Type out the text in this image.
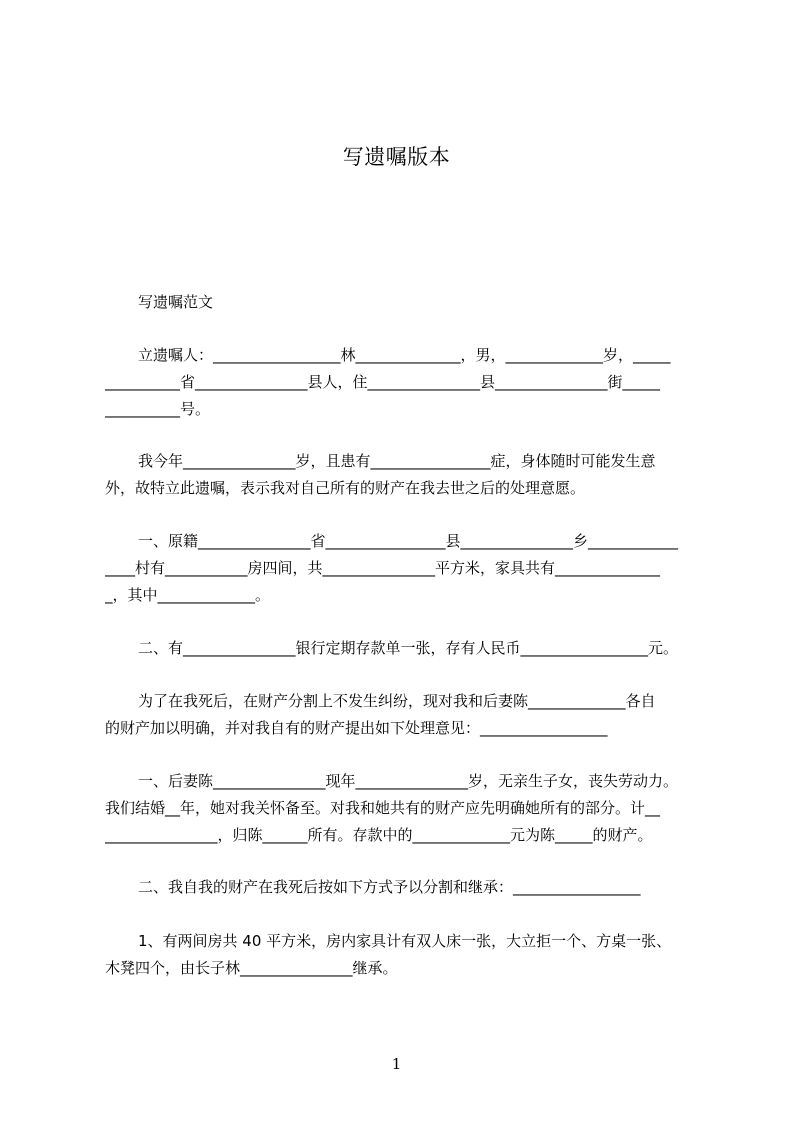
写遗嘱版本
写遗嘱范文
立遗嘱人：_________________林______________，男，_____________岁，_____
__________省_______________县人，住_______________县_______________街_____
__________号。
我今年_______________岁，且患有________________症，身体随时可能发生意
外，故特立此遗嘱，表示我对自己所有的财产在我去世之后的处理意愿。
一、原籍_______________省________________县_______________乡____________
____村有___________房四间，共_______________平方米，家具共有______________
_，其中_____________。
二、有_______________银行定期存款单一张，存有人民币_________________元。
为了在我死后，在财产分割上不发生纠纷，现对我和后妻陈_____________各自
的财产加以明确，并对我自有的财产提出如下处理意见：_________________
一、后妻陈_______________现年_______________岁，无亲生子女，丧失劳动力。
我们结婚__年，她对我关怀备至。对我和她共有的财产应先明确她所有的部分。计__
_______________，归陈______所有。存款中的_____________元为陈_____的财产。
二、我自我的财产在我死后按如下方式予以分割和继承：_________________
1、有两间房共 40 平方米，房内家具计有双人床一张，大立拒一个、方桌一张、
木凳四个，由长子林_______________继承。
1
